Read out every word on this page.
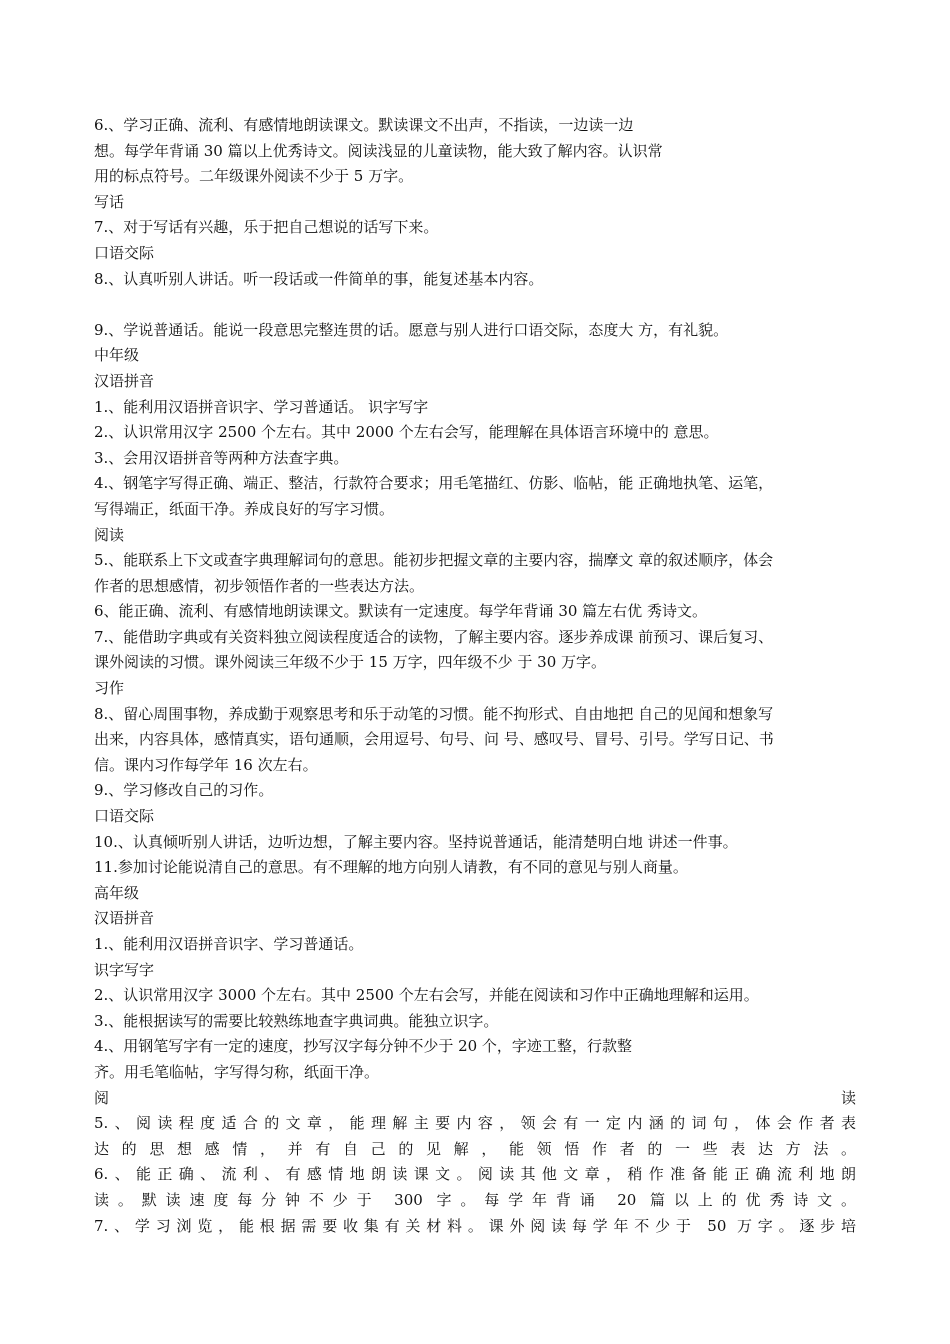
6.、学习正确、流利、有感情地朗读课文。默读课文不出声，不指读，一边读一边
想。每学年背诵 30 篇以上优秀诗文。阅读浅显的儿童读物，能大致了解内容。认识常
用的标点符号。二年级课外阅读不少于 5 万字。
写话
7.、对于写话有兴趣，乐于把自己想说的话写下来。
口语交际
8.、认真听别人讲话。听一段话或一件简单的事，能复述基本内容。
9.、学说普通话。能说一段意思完整连贯的话。愿意与别人进行口语交际，态度大 方，有礼貌。
中年级
汉语拼音
1.、能利用汉语拼音识字、学习普通话。 识字写字
2.、认识常用汉字 2500 个左右。其中 2000 个左右会写，能理解在具体语言环境中的 意思。
3.、会用汉语拼音等两种方法查字典。
4.、钢笔字写得正确、端正、整洁，行款符合要求；用毛笔描红、仿影、临帖，能 正确地执笔、运笔，
写得端正，纸面干净。养成良好的写字习惯。
阅读
5.、能联系上下文或查字典理解词句的意思。能初步把握文章的主要内容，揣摩文 章的叙述顺序，体会
作者的思想感情，初步领悟作者的一些表达方法。
6、能正确、流利、有感情地朗读课文。默读有一定速度。每学年背诵 30 篇左右优 秀诗文。
7.、能借助字典或有关资料独立阅读程度适合的读物，了解主要内容。逐步养成课 前预习、课后复习、
课外阅读的习惯。课外阅读三年级不少于 15 万字，四年级不少 于 30 万字。
习作
8.、留心周围事物，养成勤于观察思考和乐于动笔的习惯。能不拘形式、自由地把 自己的见闻和想象写
出来，内容具体，感情真实，语句通顺，会用逗号、句号、问 号、感叹号、冒号、引号。学写日记、书
信。课内习作每学年 16 次左右。
9.、学习修改自己的习作。
口语交际
10.、认真倾听别人讲话，边听边想，了解主要内容。坚持说普通话，能清楚明白地 讲述一件事。
11.参加讨论能说清自己的意思。有不理解的地方向别人请教，有不同的意见与别人商量。
高年级
汉语拼音
1.、能利用汉语拼音识字、学习普通话。
识字写字
2.、认识常用汉字 3000 个左右。其中 2500 个左右会写，并能在阅读和习作中正确地理解和运用。
3.、能根据读写的需要比较熟练地查字典词典。能独立识字。
4.、用钢笔写字有一定的速度，抄写汉字每分钟不少于 20 个，字迹工整，行款整
齐。用毛笔临帖，字写得匀称，纸面干净。
阅	读
5.、阅读程度适合的文章，能理解主要内容，领会有一定内涵的词句，体会作者表
达的思想感情，并有自己的见解，能领悟作者的一些表达方法。
6.、能正确、流利、有感情地朗读课文。阅读其他文章，稍作准备能正确流利地朗
读。默读速度每分钟不少于 300 字。每学年背诵 20 篇以上的优秀诗文。
7.、学习浏览，能根据需要收集有关材料。课外阅读每学年不少于 50 万字。逐步培
